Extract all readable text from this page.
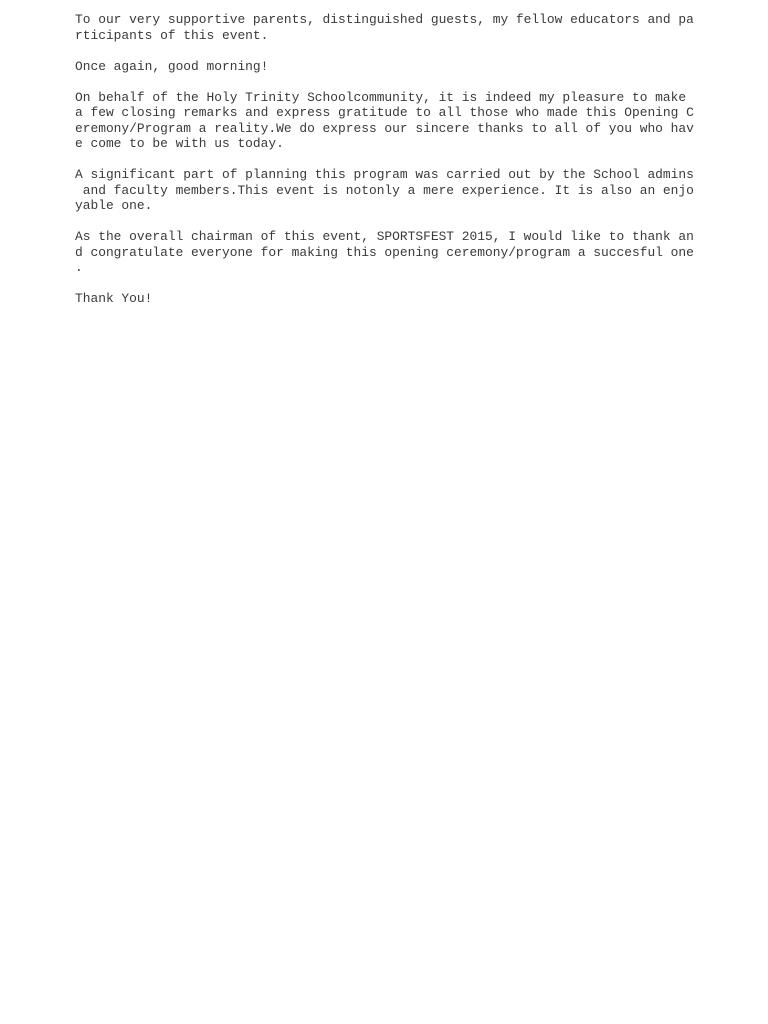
To our very supportive parents, distinguished guests, my fellow educators and pa

rticipants of this event.

Once again, good morning!

On behalf of the Holy Trinity Schoolcommunity, it is indeed my pleasure to make

a few closing remarks and express gratitude to all those who made this Opening C

eremony/Program a reality.We do express our sincere thanks to all of you who hav

e come to be with us today.

A significant part of planning this program was carried out by the School admins

and faculty members.This event is notonly a mere experience. It is also an enjo

yable one.

As the overall chairman of this event, SPORTSFEST 2015, I would like to thank an

d congratulate everyone for making this opening ceremony/program a succesful one

.

Thank You!
